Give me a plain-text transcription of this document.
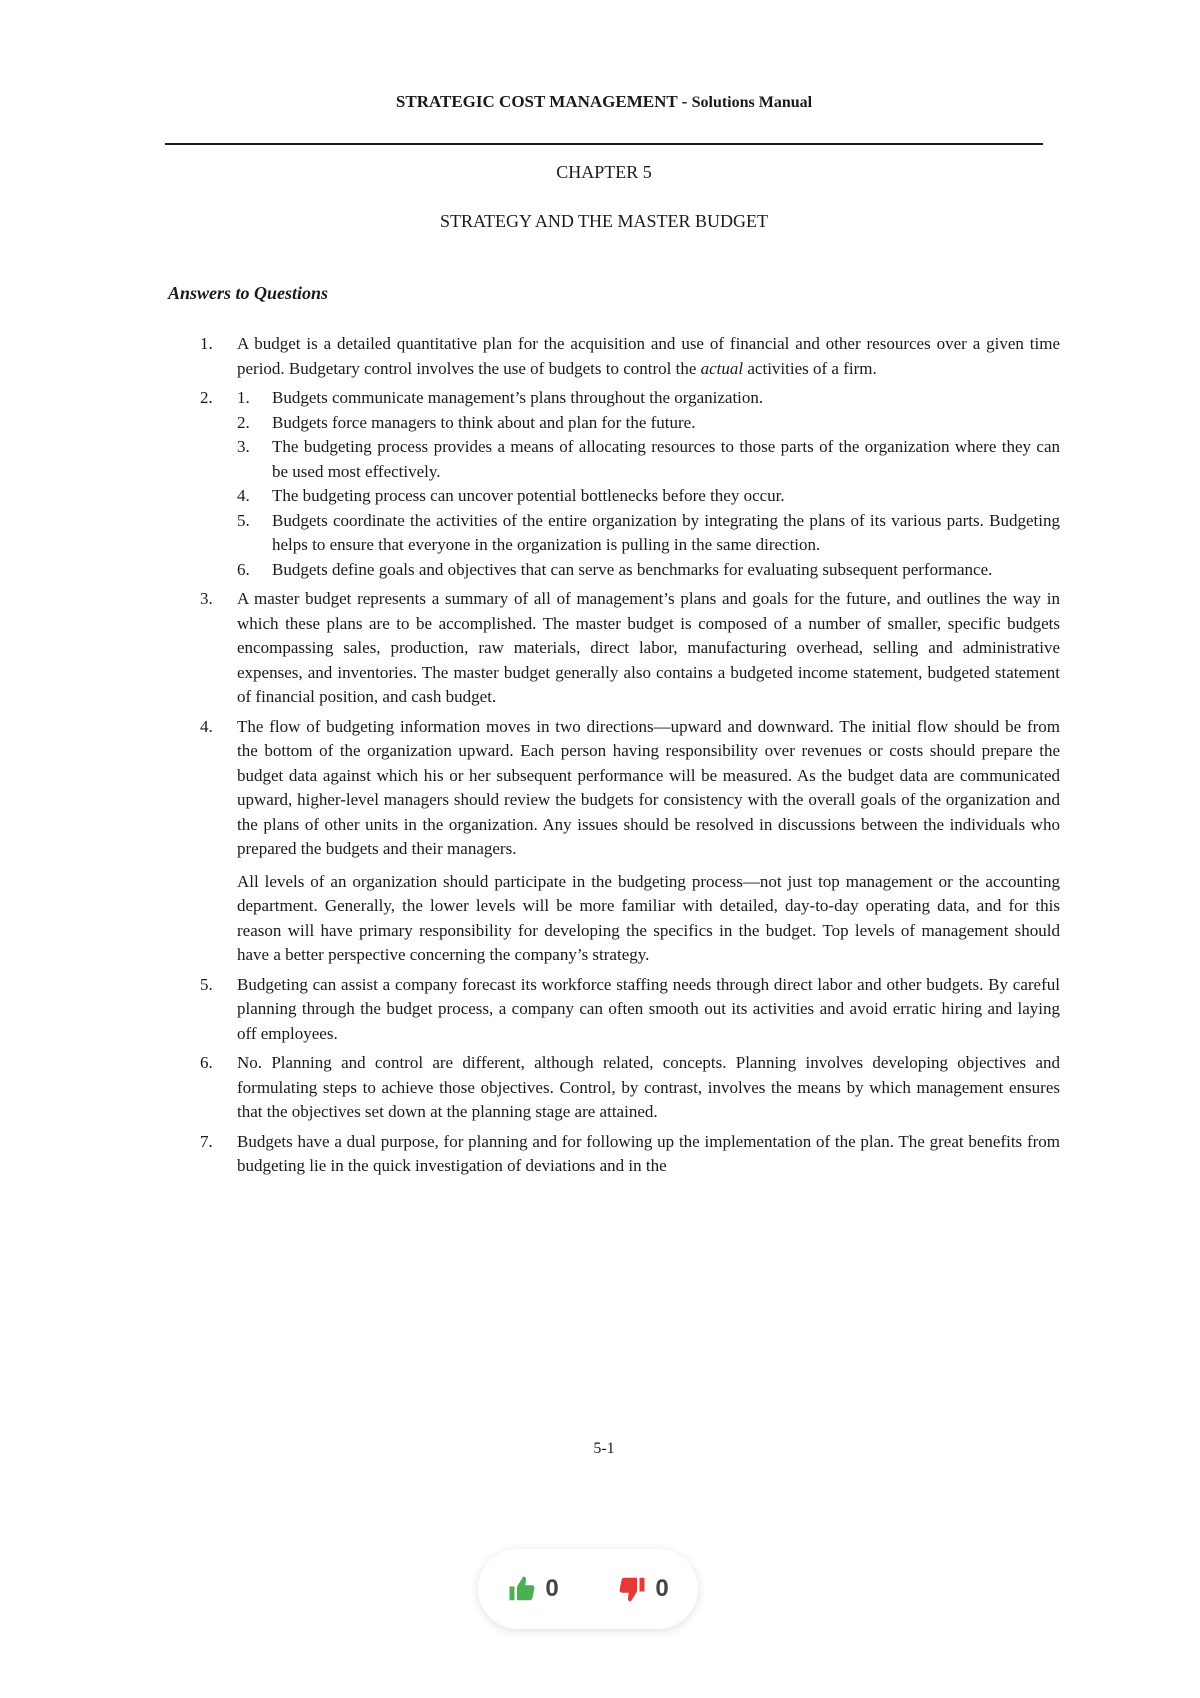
STRATEGIC COST MANAGEMENT - Solutions Manual
CHAPTER 5
STRATEGY AND THE MASTER BUDGET
Answers to Questions
1.	A budget is a detailed quantitative plan for the acquisition and use of financial and other resources over a given time period. Budgetary control involves the use of budgets to control the actual activities of a firm.
2.	1.	Budgets communicate management’s plans throughout the organization.
2.	Budgets force managers to think about and plan for the future.
3.	The budgeting process provides a means of allocating resources to those parts of the organization where they can be used most effectively.
4.	The budgeting process can uncover potential bottlenecks before they occur.
5.	Budgets coordinate the activities of the entire organization by integrating the plans of its various parts. Budgeting helps to ensure that everyone in the organization is pulling in the same direction.
6.	Budgets define goals and objectives that can serve as benchmarks for evaluating subsequent performance.
3.	A master budget represents a summary of all of management’s plans and goals for the future, and outlines the way in which these plans are to be accomplished. The master budget is composed of a number of smaller, specific budgets encompassing sales, production, raw materials, direct labor, manufacturing overhead, selling and administrative expenses, and inventories. The master budget generally also contains a budgeted income statement, budgeted statement of financial position, and cash budget.
4.	The flow of budgeting information moves in two directions—upward and downward. The initial flow should be from the bottom of the organization upward. Each person having responsibility over revenues or costs should prepare the budget data against which his or her subsequent performance will be measured. As the budget data are communicated upward, higher-level managers should review the budgets for consistency with the overall goals of the organization and the plans of other units in the organization. Any issues should be resolved in discussions between the individuals who prepared the budgets and their managers.
All levels of an organization should participate in the budgeting process—not just top management or the accounting department. Generally, the lower levels will be more familiar with detailed, day-to-day operating data, and for this reason will have primary responsibility for developing the specifics in the budget. Top levels of management should have a better perspective concerning the company’s strategy.
5.	Budgeting can assist a company forecast its workforce staffing needs through direct labor and other budgets. By careful planning through the budget process, a company can often smooth out its activities and avoid erratic hiring and laying off employees.
6.	No. Planning and control are different, although related, concepts. Planning involves developing objectives and formulating steps to achieve those objectives. Control, by contrast, involves the means by which management ensures that the objectives set down at the planning stage are attained.
7.	Budgets have a dual purpose, for planning and for following up the implementation of the plan. The great benefits from budgeting lie in the quick investigation of deviations and in the
5-1
0	0
